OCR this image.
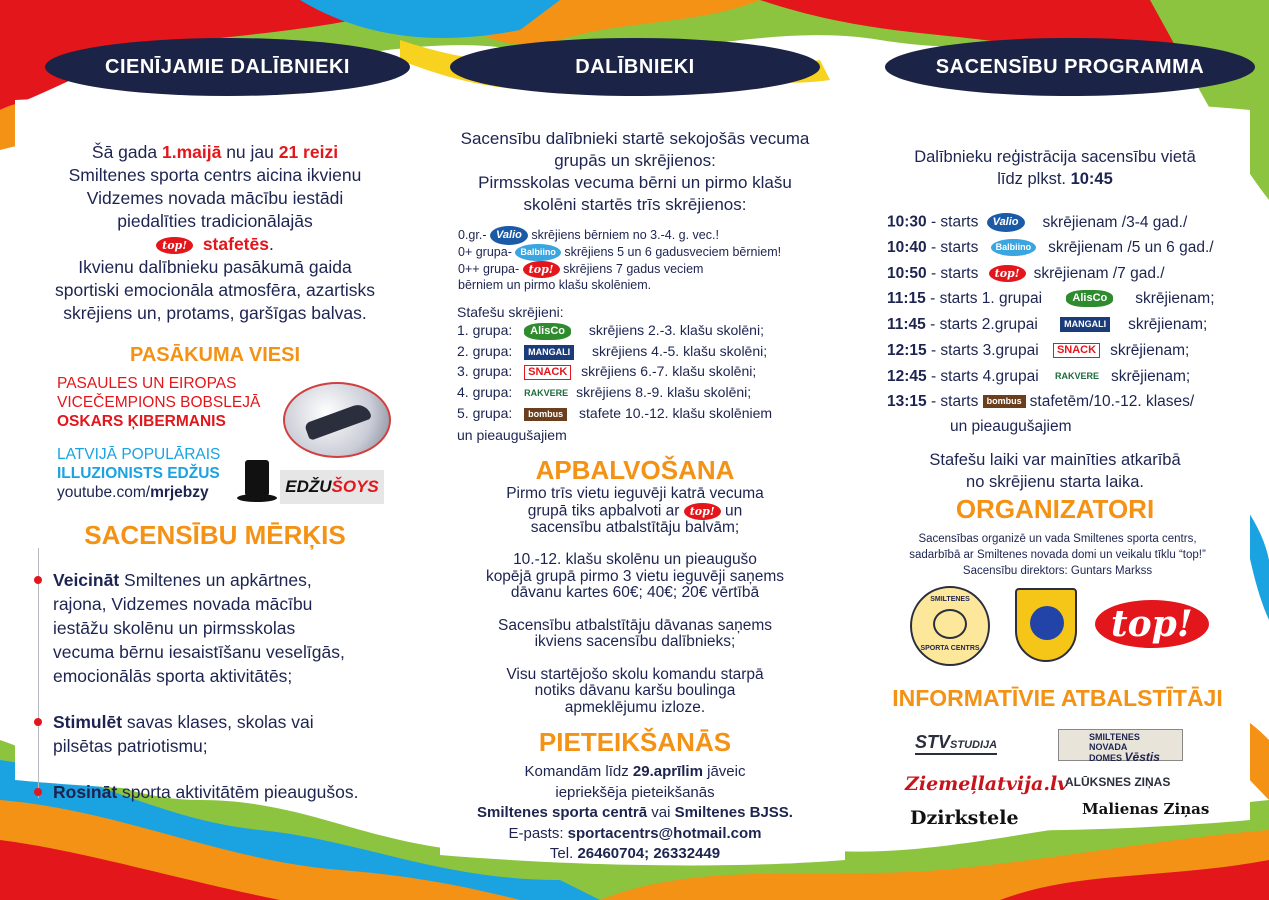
CIENĪJAMIE DALĪBNIEKI
Šā gada 1.maijā nu jau 21 reizi
Smiltenes sporta centrs aicina ikvienu
Vidzemes novada mācību iestādi
piedalīties tradicionālajās
top! stafetēs.
Ikvienu dalībnieku pasākumā gaida
sportiski emocionāla atmosfēra, azartisks
skrējiens un, protams, garšīgas balvas.
PASĀKUMA VIESI
PASAULES UN EIROPAS
VICEČEMPIONS BOBSLEJĀ
OSKARS ĶIBERMANIS
LATVIJĀ POPULĀRAIS
ILLUZIONISTS EDŽUS
youtube.com/mrjebzy	EDŽU ŠOYS
SACENSĪBU MĒRĶIS
Veicināt Smiltenes un apkārtnes,
rajona, Vidzemes novada mācību
iestāžu skolēnu un pirmsskolas
vecuma bērnu iesaistīšanu veselīgās,
emocionālās sporta aktivitātēs;
Stimulēt savas klases, skolas vai
pilsētas patriotismu;
Rosināt sporta aktivitātēm pieaugušos.
DALĪBNIEKI
Sacensību dalībnieki startē sekojošās vecuma
grupās un skrējienos:
Pirmsskolas vecuma bērni un pirmo klašu
skolēni startēs trīs skrējienos:
0.gr.- Valio skrējiens bērniem no 3.-4. g. vec.!
0+ grupa- Balbiino skrējiens 5 un 6 gadusveciem bērniem!
0++ grupa- top! skrējiens 7 gadus veciem
bērniem un pirmo klašu skolēniem.
Stafešu skrējieni:
1. grupa: AlisCo skrējiens 2.-3. klašu skolēni;
2. grupa: MANGALI skrējiens 4.-5. klašu skolēni;
3. grupa: SNACK skrējiens 6.-7. klašu skolēni;
4. grupa: RAKVERE skrējiens 8.-9. klašu skolēni;
5. grupa: bombus stafete 10.-12. klašu skolēniem
un pieaugušajiem
APBALVOŠANA
Pirmo trīs vietu ieguvēji katrā vecuma
grupā tiks apbalvoti ar top! un
sacensību atbalstītāju balvām;
10.-12. klašu skolēnu un pieaugušo
kopējā grupā pirmo 3 vietu ieguvēji saņems
dāvanu kartes 60€; 40€; 20€ vērtībā
Sacensību atbalstītāju dāvanas saņems
ikviens sacensību dalībnieks;
Visu startējošo skolu komandu starpā
notiks dāvanu karšu boulinga
apmeklējumu izloze.
PIETEIKŠANĀS
Komandām līdz 29.aprīlim jāveic
iepriekšēja pieteikšanās
Smiltenes sporta centrā vai Smiltenes BJSS.
E-pasts: sportacentrs@hotmail.com
Tel. 26460704; 26332449
SACENSĪBU PROGRAMMA
Dalībnieku reģistrācija sacensību vietā
līdz plkst. 10:45
10:30 - starts Valio skrējienam /3-4 gad./
10:40 - starts Balbiino skrējienam /5 un 6 gad./
10:50 - starts top! skrējienam /7 gad./
11:15 - starts 1. grupai AlisCo skrējienam;
11:45 - starts 2.grupai MANGALI skrējienam;
12:15 - starts 3.grupai SNACK skrējienam;
12:45 - starts 4.grupai RAKVERE skrējienam;
13:15 - starts bombus stafetēm/10.-12. klases/
un pieaugušajiem
Stafešu laiki var mainīties atkarībā
no skrējienu starta laika.
ORGANIZATORI
Sacensības organizē un vada Smiltenes sporta centrs,
sadarbībā ar Smiltenes novada domi un veikalu tīklu “top!”
Sacensību direktors: Guntars Markss
SMILTENES
SPORTA CENTRS
top!
INFORMATĪVIE ATBALSTĪTĀJI
STVSTUDIJA
SMILTENES NOVADA
DOMES Vēstis
Ziemeļlatvija.lv
ALŪKSNES ZIŅAS
Dzirkstele	Malienas Ziņas
